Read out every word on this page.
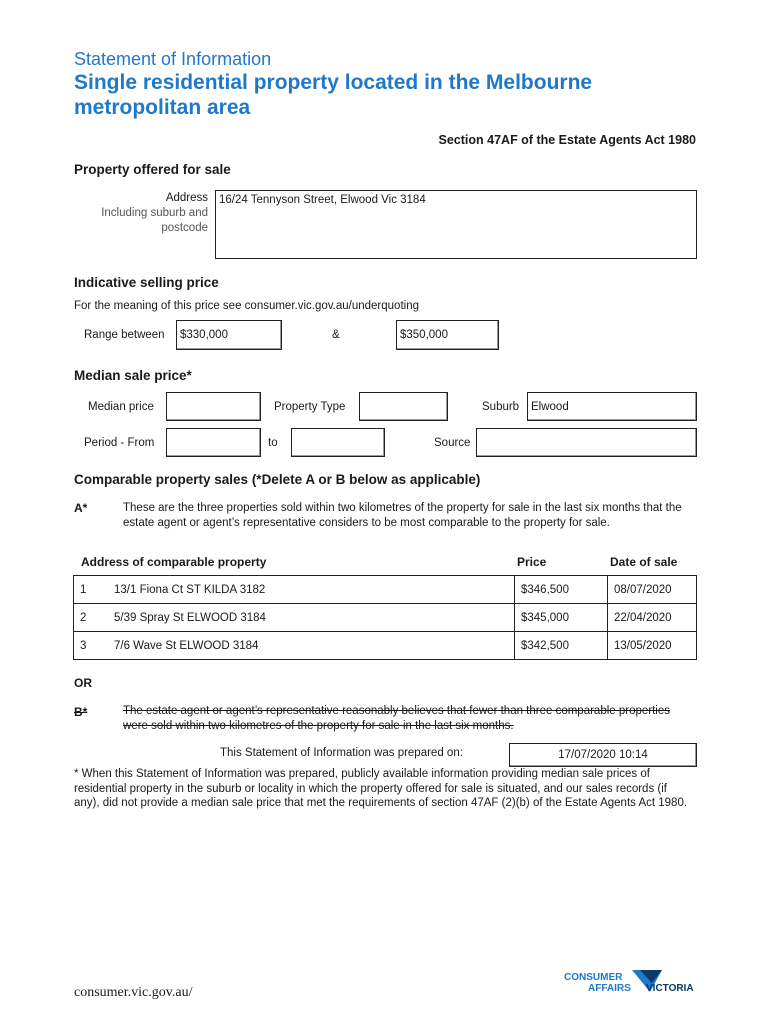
Statement of Information
Single residential property located in the Melbourne metropolitan area
Section 47AF of the Estate Agents Act 1980
Property offered for sale
Address
Including suburb and
postcode
16/24 Tennyson Street, Elwood Vic 3184
Indicative selling price
For the meaning of this price see consumer.vic.gov.au/underquoting
Range between $330,000	&	$350,000
Median sale price*
Median price	Property Type	Suburb Elwood
Period - From	to	Source
Comparable property sales (*Delete A or B below as applicable)
A*	These are the three properties sold within two kilometres of the property for sale in the last six months that the estate agent or agent’s representative considers to be most comparable to the property for sale.
Address of comparable property	Price	Date of sale
1	13/1 Fiona Ct ST KILDA 3182	$346,500	08/07/2020
2	5/39 Spray St ELWOOD 3184	$345,000	22/04/2020
3	7/6 Wave St ELWOOD 3184	$342,500	13/05/2020
OR
B*	The estate agent or agent’s representative reasonably believes that fewer than three comparable properties were sold within two kilometres of the property for sale in the last six months.
This Statement of Information was prepared on:	17/07/2020 10:14
* When this Statement of Information was prepared, publicly available information providing median sale prices of residential property in the suburb or locality in which the property offered for sale is situated, and our sales records (if any), did not provide a median sale price that met the requirements of section 47AF (2)(b) of the Estate Agents Act 1980.
consumer.vic.gov.au/
CONSUMER
AFFAIRS VICTORIA
